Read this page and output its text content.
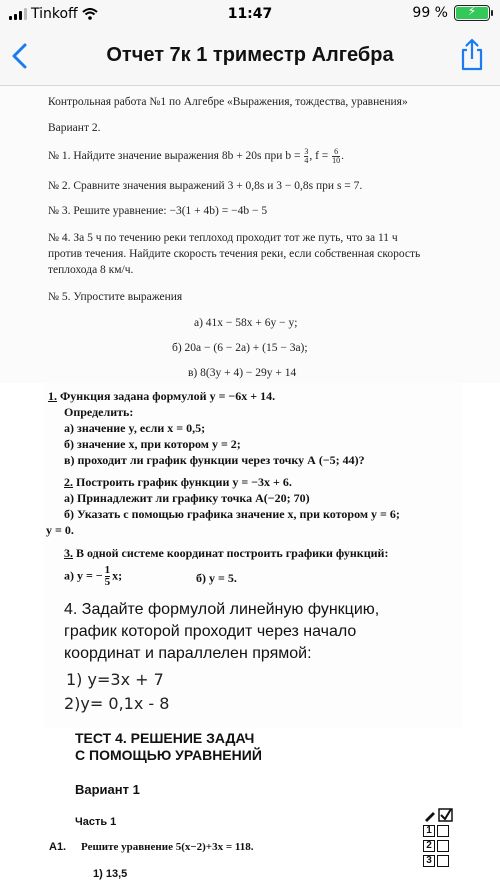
Tinkoff	11:47	99 %	⚡
Отчет 7к 1 триместр Алгебра
Контрольная работа №1 по Алгебре «Выражения, тождества, уравнения»
Вариант 2.
№ 1. Найдите значение выражения 8b + 20s при $b = \frac{3}{4}$ , $f = \frac{6}{10}$ .
№ 2. Сравните значения выражений 3 + 0,8s и 3 − 0,8s при s = 7.
№ 3. Решите уравнение: −3(1 + 4b) = −4b − 5
№ 4. За 5 ч по течению реки теплоход проходит тот же путь, что за 11 ч
против течения. Найдите скорость течения реки, если собственная скорость
теплохода 8 км/ч.
№ 5. Упростите выражения
а) 41x − 58x + 6y − y;
б) 20a − (6 − 2a) + (15 − 3a);
в) 8(3y + 4) − 29y + 14
1. Функция задана формулой y = −6x + 14.
Определить:
а) значение y, если x = 0,5;
б) значение x, при котором y = 2;
в) проходит ли график функции через точку А (−5; 44)?
2. Построить график функции y = −3x + 6.
а) Принадлежит ли графику точка А(−20; 70)
б) Указать с помощью графика значение x, при котором y = 6;
y = 0.
3. В одной системе координат построить графики функций:
а) y = − $\frac{1}{5} x$;	б) y = 5.
4. Задайте формулой линейную функцию,
график которой проходит через начало
координат и параллелен прямой:
1) y=3x + 7
2)y= 0,1x - 8
ТЕСТ 4. РЕШЕНИЕ ЗАДАЧ
С ПОМОЩЬЮ УРАВНЕНИЙ
Вариант 1
Часть 1
А1. Решите уравнение 5(x−2)+3x = 118.
1) 13,5
1
2
3
